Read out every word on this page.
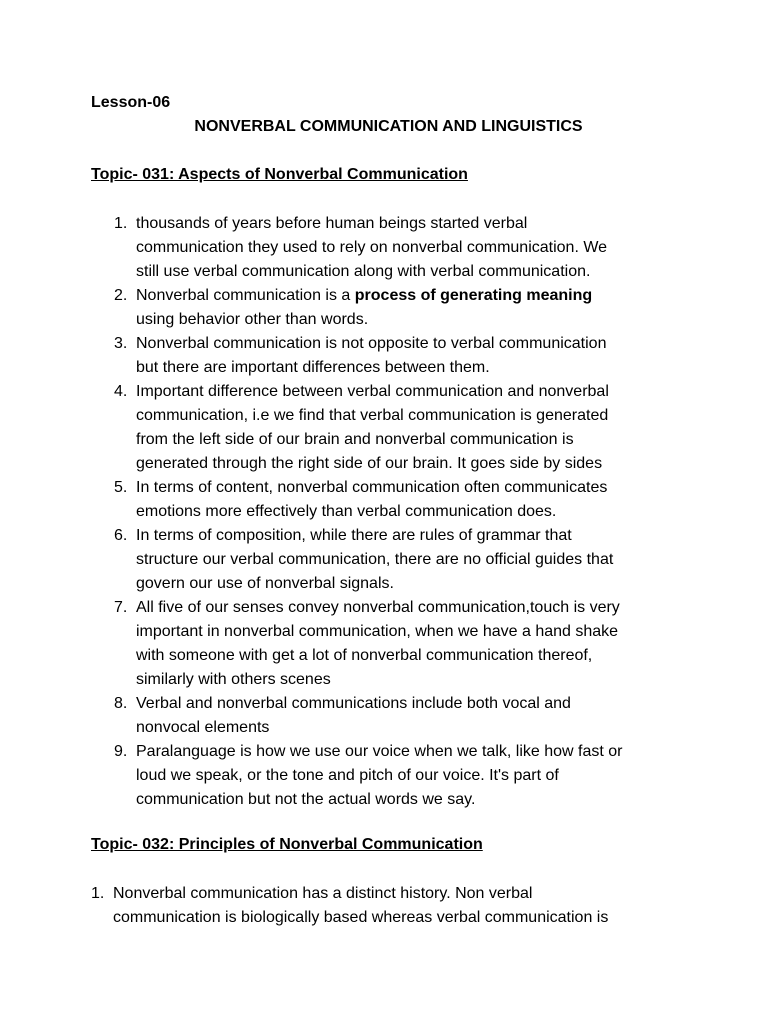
Lesson-06
NONVERBAL COMMUNICATION AND LINGUISTICS
Topic- 031: Aspects of Nonverbal Communication
1. thousands of years before human beings started verbal
communication they used to rely on nonverbal communication. We
still use verbal communication along with verbal communication.
2. Nonverbal communication is a process of generating meaning
using behavior other than words.
3. Nonverbal communication is not opposite to verbal communication
but there are important differences between them.
4. Important difference between verbal communication and nonverbal
communication, i.e we find that verbal communication is generated
from the left side of our brain and nonverbal communication is
generated through the right side of our brain. It goes side by sides
5. In terms of content, nonverbal communication often communicates
emotions more effectively than verbal communication does.
6. In terms of composition, while there are rules of grammar that
structure our verbal communication, there are no official guides that
govern our use of nonverbal signals.
7. All five of our senses convey nonverbal communication,touch is very
important in nonverbal communication, when we have a hand shake
with someone with get a lot of nonverbal communication thereof,
similarly with others scenes
8. Verbal and nonverbal communications include both vocal and
nonvocal elements
9. Paralanguage is how we use our voice when we talk, like how fast or
loud we speak, or the tone and pitch of our voice. It's part of
communication but not the actual words we say.
Topic- 032: Principles of Nonverbal Communication
1. Nonverbal communication has a distinct history. Non verbal
communication is biologically based whereas verbal communication is
